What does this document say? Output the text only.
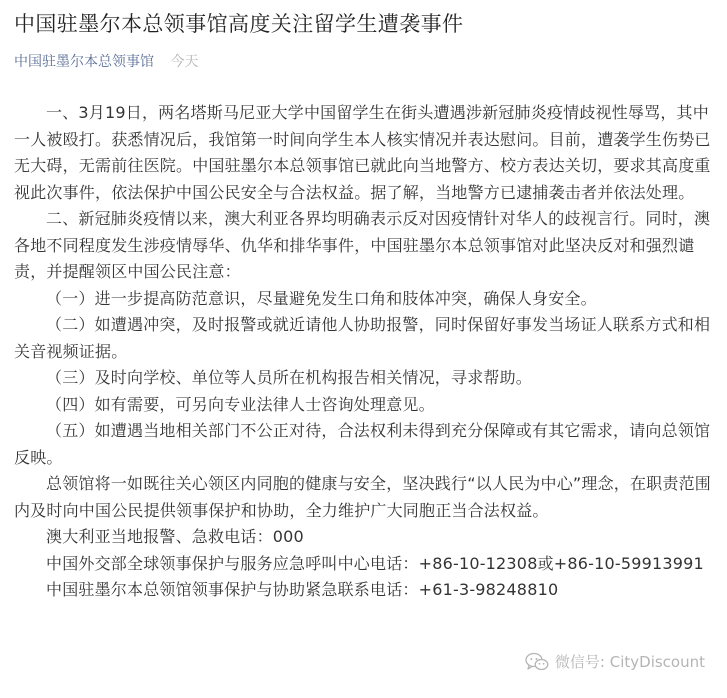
中国驻墨尔本总领事馆高度关注留学生遭袭事件
中国驻墨尔本总领事馆 今天

一、3月19日，两名塔斯马尼亚大学中国留学生在街头遭遇涉新冠肺炎疫情歧视性辱骂，其中一人被殴打。获悉情况后，我馆第一时间向学生本人核实情况并表达慰问。目前，遭袭学生伤势已无大碍，无需前往医院。中国驻墨尔本总领事馆已就此向当地警方、校方表达关切，要求其高度重视此次事件，依法保护中国公民安全与合法权益。据了解，当地警方已逮捕袭击者并依法处理。

二、新冠肺炎疫情以来，澳大利亚各界均明确表示反对因疫情针对华人的歧视言行。同时，澳各地不同程度发生涉疫情辱华、仇华和排华事件，中国驻墨尔本总领事馆对此坚决反对和强烈谴责，并提醒领区中国公民注意：

（一）进一步提高防范意识，尽量避免发生口角和肢体冲突，确保人身安全。

（二）如遭遇冲突，及时报警或就近请他人协助报警，同时保留好事发当场证人联系方式和相关音视频证据。

（三）及时向学校、单位等人员所在机构报告相关情况，寻求帮助。

（四）如有需要，可另向专业法律人士咨询处理意见。

（五）如遭遇当地相关部门不公正对待，合法权利未得到充分保障或有其它需求，请向总领馆反映。

总领馆将一如既往关心领区内同胞的健康与安全，坚决践行“以人民为中心”理念，在职责范围内及时向中国公民提供领事保护和协助，全力维护广大同胞正当合法权益。

澳大利亚当地报警、急救电话：000

中国外交部全球领事保护与服务应急呼叫中心电话：+86-10-12308或+86-10-59913991

中国驻墨尔本总领馆领事保护与协助紧急联系电话：+61-3-98248810

微信号: CityDiscount
